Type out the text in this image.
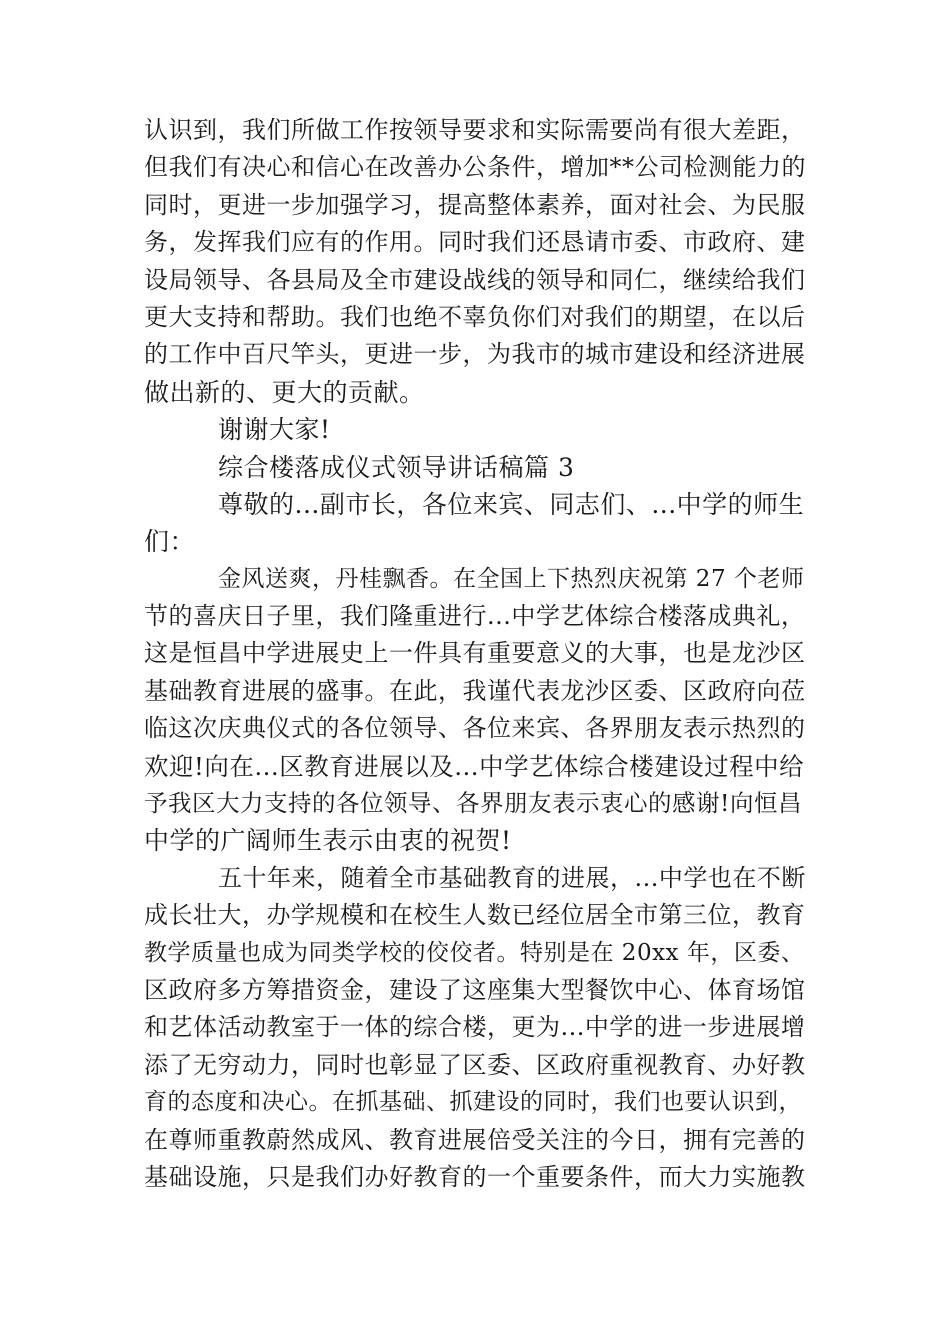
认识到，我们所做工作按领导要求和实际需要尚有很大差距，
但我们有决心和信心在改善办公条件，增加**公司检测能力的
同时，更进一步加强学习，提高整体素养，面对社会、为民服
务，发挥我们应有的作用。同时我们还恳请市委、市政府、建
设局领导、各县局及全市建设战线的领导和同仁，继续给我们
更大支持和帮助。我们也绝不辜负你们对我们的期望，在以后
的工作中百尺竿头，更进一步，为我市的城市建设和经济进展
做出新的、更大的贡献。
谢谢大家!
综合楼落成仪式领导讲话稿篇 3
尊敬的...副市长，各位来宾、同志们、...中学的师生
们：
金风送爽，丹桂飘香。在全国上下热烈庆祝第 27 个老师
节的喜庆日子里，我们隆重进行...中学艺体综合楼落成典礼，
这是恒昌中学进展史上一件具有重要意义的大事，也是龙沙区
基础教育进展的盛事。在此，我谨代表龙沙区委、区政府向莅
临这次庆典仪式的各位领导、各位来宾、各界朋友表示热烈的
欢迎!向在...区教育进展以及...中学艺体综合楼建设过程中给
予我区大力支持的各位领导、各界朋友表示衷心的感谢!向恒昌
中学的广阔师生表示由衷的祝贺!
五十年来，随着全市基础教育的进展，...中学也在不断
成长壮大，办学规模和在校生人数已经位居全市第三位，教育
教学质量也成为同类学校的佼佼者。特别是在 20xx 年，区委、
区政府多方筹措资金，建设了这座集大型餐饮中心、体育场馆
和艺体活动教室于一体的综合楼，更为...中学的进一步进展增
添了无穷动力，同时也彰显了区委、区政府重视教育、办好教
育的态度和决心。在抓基础、抓建设的同时，我们也要认识到，
在尊师重教蔚然成风、教育进展倍受关注的今日，拥有完善的
基础设施，只是我们办好教育的一个重要条件，而大力实施教
